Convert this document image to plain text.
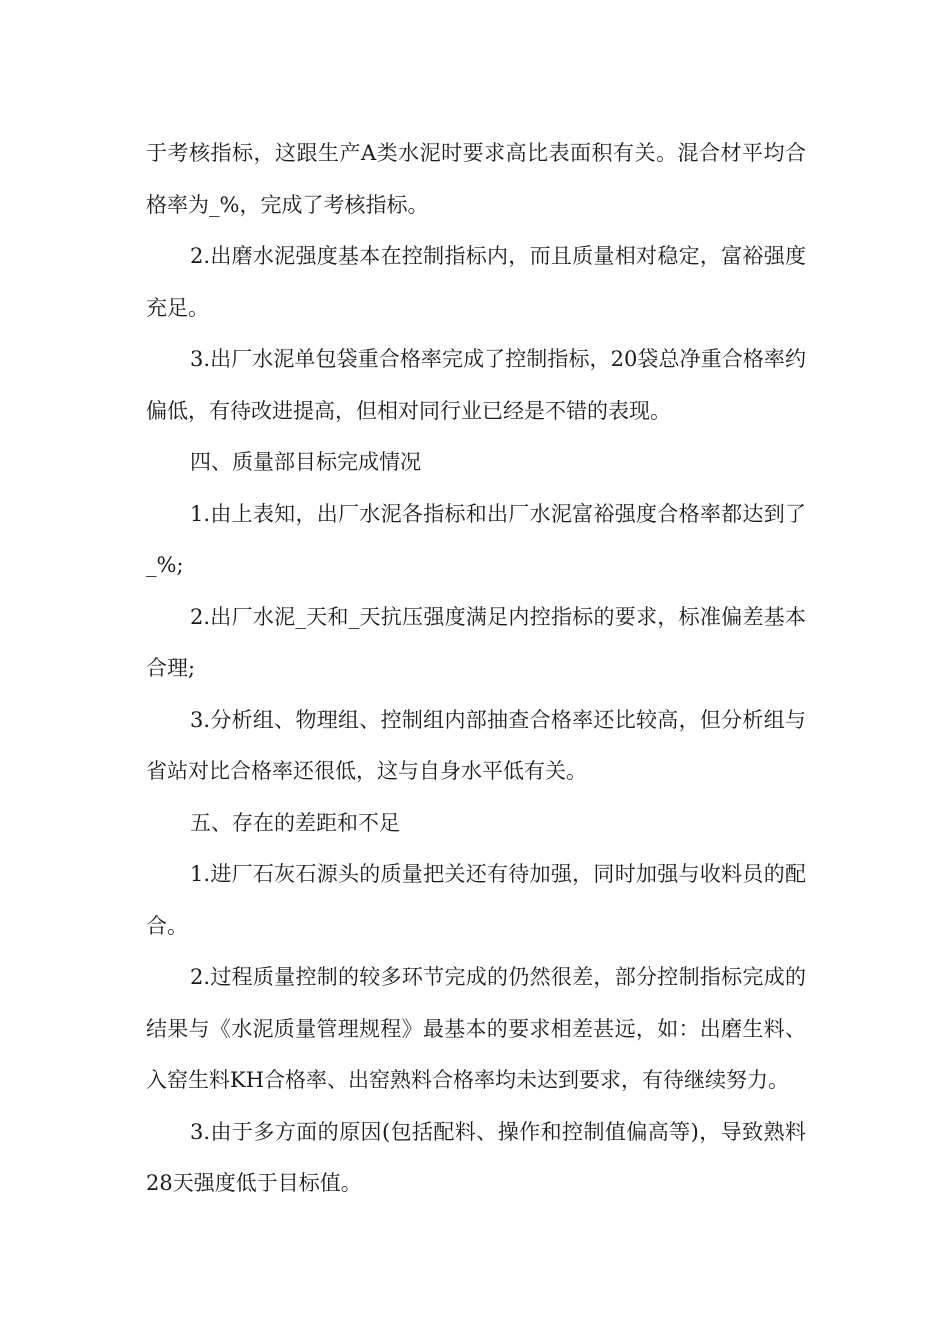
于考核指标，这跟生产A类水泥时要求高比表面积有关。混合材平均合格率为_%，完成了考核指标。

2.出磨水泥强度基本在控制指标内，而且质量相对稳定，富裕强度充足。

3.出厂水泥单包袋重合格率完成了控制指标，20袋总净重合格率约偏低，有待改进提高，但相对同行业已经是不错的表现。

四、质量部目标完成情况

1.由上表知，出厂水泥各指标和出厂水泥富裕强度合格率都达到了_%;

2.出厂水泥_天和_天抗压强度满足内控指标的要求，标准偏差基本合理;

3.分析组、物理组、控制组内部抽查合格率还比较高，但分析组与省站对比合格率还很低，这与自身水平低有关。

五、存在的差距和不足

1.进厂石灰石源头的质量把关还有待加强，同时加强与收料员的配合。

2.过程质量控制的较多环节完成的仍然很差，部分控制指标完成的结果与《水泥质量管理规程》最基本的要求相差甚远，如：出磨生料、入窑生料KH合格率、出窑熟料合格率均未达到要求，有待继续努力。

3.由于多方面的原因(包括配料、操作和控制值偏高等)，导致熟料28天强度低于目标值。
